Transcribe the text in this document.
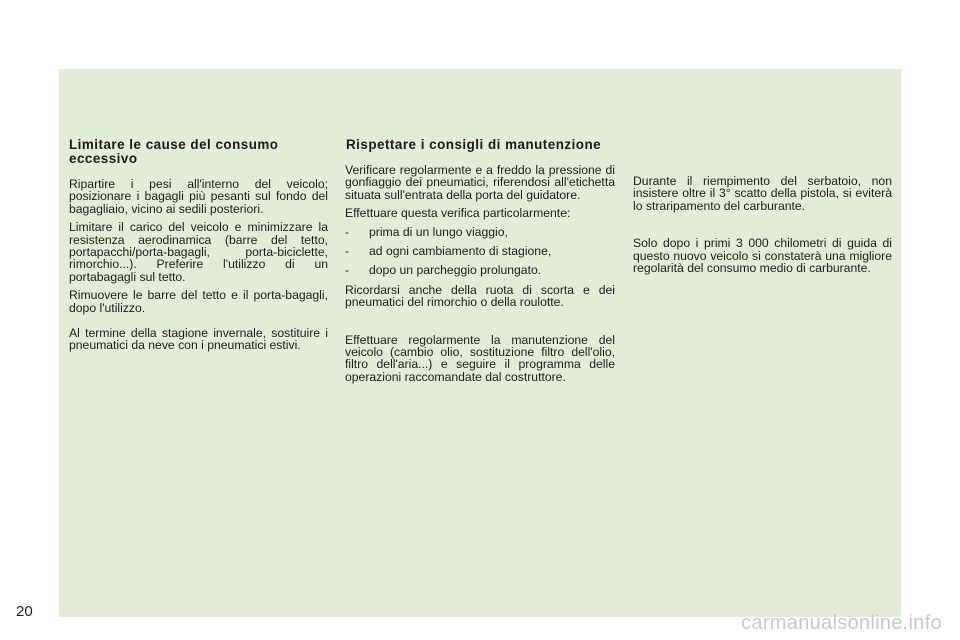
Limitare le cause del consumo eccessivo

Ripartire i pesi all'interno del veicolo; posizionare i bagagli più pesanti sul fondo del bagagliaio, vicino ai sedili posteriori.

Limitare il carico del veicolo e minimizzare la resistenza aerodinamica (barre del tetto, portapacchi/porta-bagagli, porta-biciclette, rimorchio...). Preferire l'utilizzo di un portabagagli sul tetto.

Rimuovere le barre del tetto e il porta-bagagli, dopo l'utilizzo.

Al termine della stagione invernale, sostituire i pneumatici da neve con i pneumatici estivi.

Rispettare i consigli di manutenzione

Verificare regolarmente e a freddo la pressione di gonfiaggio dei pneumatici, riferendosi all'etichetta situata sull'entrata della porta del guidatore.

Effettuare questa verifica particolarmente:

- prima di un lungo viaggio,
- ad ogni cambiamento di stagione,
- dopo un parcheggio prolungato.

Ricordarsi anche della ruota di scorta e dei pneumatici del rimorchio o della roulotte.

Effettuare regolarmente la manutenzione del veicolo (cambio olio, sostituzione filtro dell'olio, filtro dell'aria...) e seguire il programma delle operazioni raccomandate dal costruttore.

Durante il riempimento del serbatoio, non insistere oltre il 3° scatto della pistola, si eviterà lo straripamento del carburante.

Solo dopo i primi 3 000 chilometri di guida di questo nuovo veicolo si constaterà una migliore regolarità del consumo medio di carburante.

20
carmanualsonline.info
